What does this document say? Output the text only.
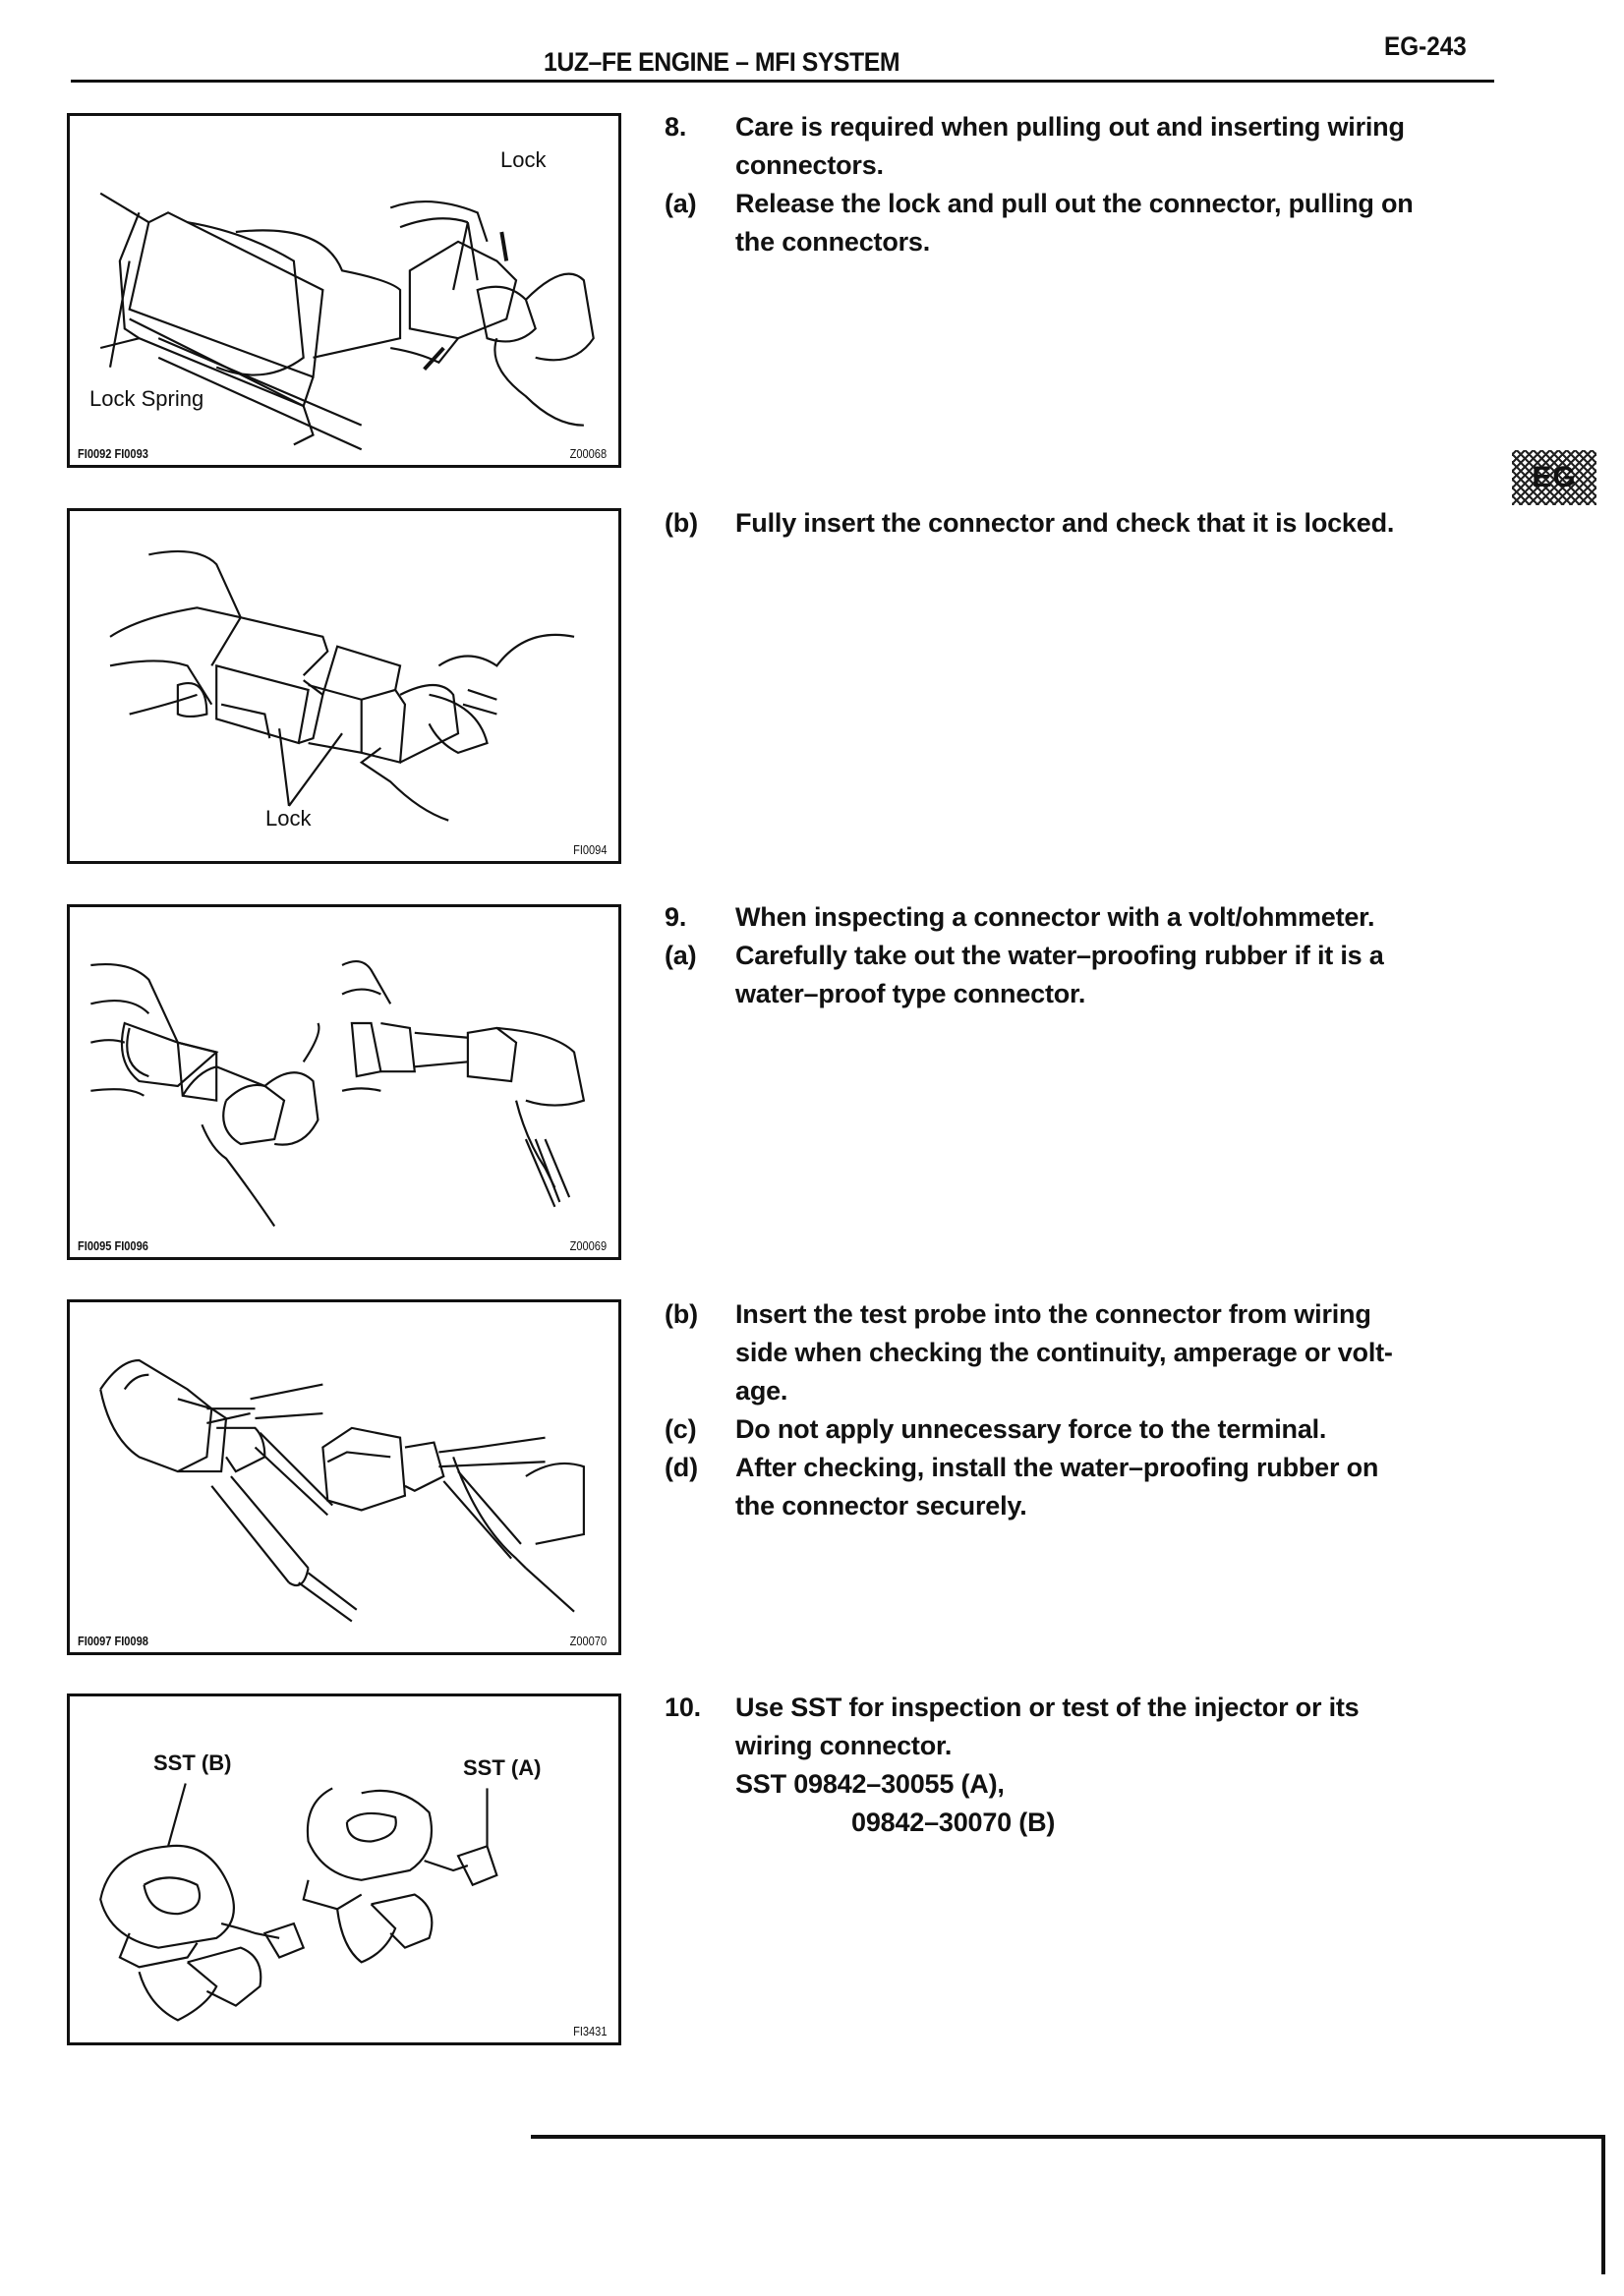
1UZ–FE ENGINE – MFI SYSTEM
EG-243
EG
Lock
Lock Spring
FI0092 FI0093	Z00068
Lock
FI0094
FI0095 FI0096	Z00069
FI0097 FI0098	Z00070
SST (B)	SST (A)
FI3431
8.	Care is required when pulling out and inserting wiring
connectors.
(a)	Release the lock and pull out the connector, pulling on
the connectors.
(b)	Fully insert the connector and check that it is locked.
9.	When inspecting a connector with a volt/ohmmeter.
(a)	Carefully take out the water–proofing rubber if it is a
water–proof type connector.
(b)	Insert the test probe into the connector from wiring
side when checking the continuity, amperage or volt-
age.
(c)	Do not apply unnecessary force to the terminal.
(d)	After checking, install the water–proofing rubber on
the connector securely.
10.	Use SST for inspection or test of the injector or its
wiring connector.
SST 09842–30055 (A),
09842–30070 (B)
